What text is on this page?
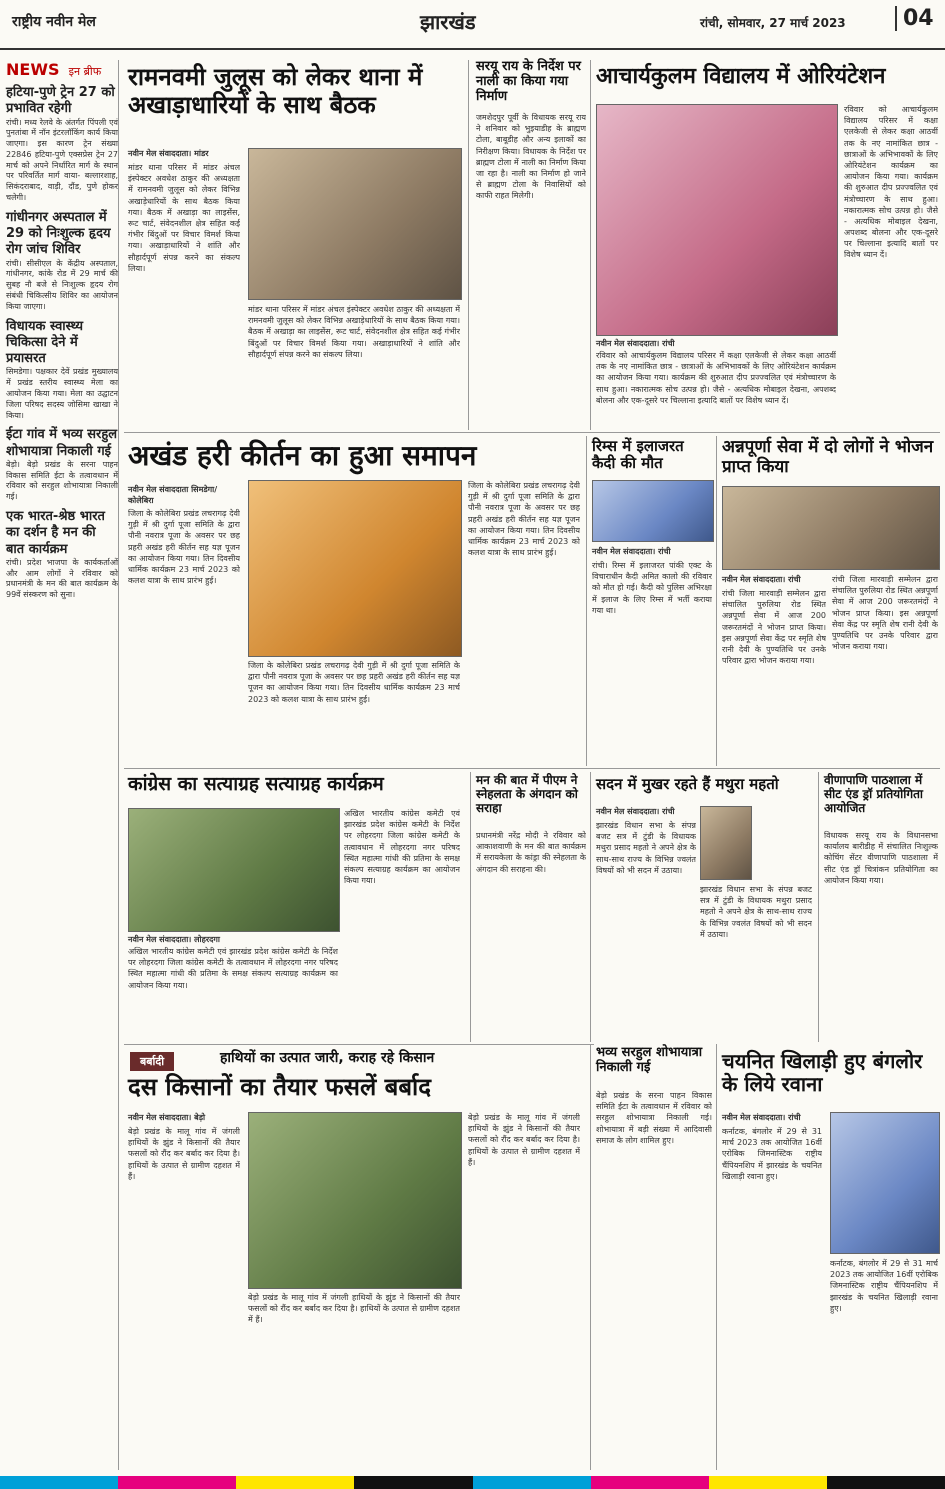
राष्ट्रीय नवीन मेल	झारखंड	रांची, सोमवार, 27 मार्च 2023	04
NEWS इन ब्रीफ
हटिया-पुणे ट्रेन 27 को प्रभावित रहेगी
रांची। मध्य रेलवे के अंतर्गत पिंपली एवं पुनतांबा में नॉन इंटरलॉकिंग कार्य किया जाएगा। इस कारण ट्रेन संख्या 22846 हटिया-पुणे एक्सप्रेस ट्रेन 27 मार्च को अपने निर्धारित मार्ग के स्थान पर परिवर्तित मार्ग वाया- बल्लारशाह, सिकंदराबाद, वाड़ी, दौंड, पुणे होकर चलेगी।
गांधीनगर अस्पताल में 29 को निःशुल्क हृदय रोग जांच शिविर
रांची। सीसीएल के केंद्रीय अस्पताल, गांधीनगर, कांके रोड में 29 मार्च की सुबह नौ बजे से निःशुल्क हृदय रोग संबंधी चिकित्सीय शिविर का आयोजन किया जाएगा।
विधायक स्वास्थ्य चिकित्सा देने में प्रयासरत
सिमडेगा। पक्षकार देवें प्रखंड मुख्यालय में प्रखंड स्तरीय स्वास्थ्य मेला का आयोजन किया गया। मेला का उद्घाटन जिला परिषद सदस्य जोसिमा खाखा ने किया।
ईटा गांव में भव्य सरहुल शोभायात्रा निकाली गई
बेड़ो। बेड़ो प्रखंड के सरना पाहन विकास समिति ईटा के तत्वावधान में रविवार को सरहुल शोभायात्रा निकाली गई।
एक भारत-श्रेष्ठ भारत का दर्शन है मन की बात कार्यक्रम
रांची। प्रदेश भाजपा के कार्यकर्ताओं और आम लोगों ने रविवार को प्रधानमंत्री के मन की बात कार्यक्रम के 99वें संस्करण को सुना।
रामनवमी जुलूस को लेकर थाना में अखाड़ाधारियों के साथ बैठक
नवीन मेल संवाददाता। मांडर
मांडर थाना परिसर में मांडर अंचल इंस्पेक्टर अवधेश ठाकुर की अध्यक्षता में रामनवमी जुलूस को लेकर विभिन्न अखाड़ेधारियों के साथ बैठक किया गया। बैठक में अखाड़ा का लाइसेंस, रूट चार्ट, संवेदनशील क्षेत्र सहित कई गंभीर बिंदुओं पर विचार विमर्श किया गया। अखाड़ाधारियों ने शांति और सौहार्दपूर्ण संपन्न करने का संकल्प लिया।
मांडर थाना परिसर में मांडर अंचल इंस्पेक्टर अवधेश ठाकुर की अध्यक्षता में रामनवमी जुलूस को लेकर विभिन्न अखाड़ेधारियों के साथ बैठक किया गया। बैठक में अखाड़ा का लाइसेंस, रूट चार्ट, संवेदनशील क्षेत्र सहित कई गंभीर बिंदुओं पर विचार विमर्श किया गया। अखाड़ाधारियों ने शांति और सौहार्दपूर्ण संपन्न करने का संकल्प लिया।
सरयू राय के निर्देश पर नाली का किया गया निर्माण
जमशेदपुर पूर्वी के विधायक सरयू राय ने शनिवार को भुइयाडीह के ब्राह्मण टोला, बाबूडीह और अन्य इलाकों का निरीक्षण किया। विधायक के निर्देश पर ब्राह्मण टोला में नाली का निर्माण किया जा रहा है। नाली का निर्माण हो जाने से ब्राह्मण टोला के निवासियों को काफी राहत मिलेगी।
आचार्यकुलम विद्यालय में ओरियंटेशन
नवीन मेल संवाददाता। रांची
रविवार को आचार्यकुलम विद्यालय परिसर में कक्षा एलकेजी से लेकर कक्षा आठवीं तक के नए नामांकित छात्र - छात्राओं के अभिभावकों के लिए ओरियंटेशन कार्यक्रम का आयोजन किया गया। कार्यक्रम की शुरुआत दीप प्रज्ज्वलित एवं मंत्रोच्चारण के साथ हुआ। नकारात्मक सोच उत्पन्न हो। जैसे - अत्यधिक मोबाइल देखना, अपशब्द बोलना और एक-दूसरे पर चिल्लाना इत्यादि बातों पर विशेष ध्यान दें।
रविवार को आचार्यकुलम विद्यालय परिसर में कक्षा एलकेजी से लेकर कक्षा आठवीं तक के नए नामांकित छात्र - छात्राओं के अभिभावकों के लिए ओरियंटेशन कार्यक्रम का आयोजन किया गया। कार्यक्रम की शुरुआत दीप प्रज्ज्वलित एवं मंत्रोच्चारण के साथ हुआ। नकारात्मक सोच उत्पन्न हो। जैसे - अत्यधिक मोबाइल देखना, अपशब्द बोलना और एक-दूसरे पर चिल्लाना इत्यादि बातों पर विशेष ध्यान दें।
अखंड हरी कीर्तन का हुआ समापन
नवीन मेल संवाददाता सिमडेगा/कोलेबिरा
जिला के कोलेबिरा प्रखंड लचरागढ़ देवी गुड़ी में श्री दुर्गा पूजा समिति के द्वारा पौनी नवरात्र पूजा के अवसर पर छह प्रहरी अखंड हरी कीर्तन सह यज्ञ पूजन का आयोजन किया गया। तिन दिवसीय धार्मिक कार्यक्रम 23 मार्च 2023 को कलश यात्रा के साथ प्रारंभ हुई।
जिला के कोलेबिरा प्रखंड लचरागढ़ देवी गुड़ी में श्री दुर्गा पूजा समिति के द्वारा पौनी नवरात्र पूजा के अवसर पर छह प्रहरी अखंड हरी कीर्तन सह यज्ञ पूजन का आयोजन किया गया। तिन दिवसीय धार्मिक कार्यक्रम 23 मार्च 2023 को कलश यात्रा के साथ प्रारंभ हुई।
जिला के कोलेबिरा प्रखंड लचरागढ़ देवी गुड़ी में श्री दुर्गा पूजा समिति के द्वारा पौनी नवरात्र पूजा के अवसर पर छह प्रहरी अखंड हरी कीर्तन सह यज्ञ पूजन का आयोजन किया गया। तिन दिवसीय धार्मिक कार्यक्रम 23 मार्च 2023 को कलश यात्रा के साथ प्रारंभ हुई।
रिम्स में इलाजरत कैदी की मौत
नवीन मेल संवाददाता। रांची
रांची। रिम्स में इलाजरत पांकी एक्ट के विचाराधीन कैदी अमित कालो की रविवार को मौत हो गई। कैदी को पुलिस अभिरक्षा में इलाज के लिए रिम्स में भर्ती कराया गया था।
अन्नपूर्णा सेवा में दो लोगों ने भोजन प्राप्त किया
नवीन मेल संवाददाता। रांची
रांची जिला मारवाड़ी सम्मेलन द्वारा संचालित पुरुलिया रोड स्थित अन्नपूर्णा सेवा में आज 200 जरूरतमंदों ने भोजन प्राप्त किया। इस अन्नपूर्णा सेवा केंद्र पर स्मृति शेष रानी देवी के पुण्यतिथि पर उनके परिवार द्वारा भोजन कराया गया।
रांची जिला मारवाड़ी सम्मेलन द्वारा संचालित पुरुलिया रोड स्थित अन्नपूर्णा सेवा में आज 200 जरूरतमंदों ने भोजन प्राप्त किया। इस अन्नपूर्णा सेवा केंद्र पर स्मृति शेष रानी देवी के पुण्यतिथि पर उनके परिवार द्वारा भोजन कराया गया।
कांग्रेस का सत्याग्रह सत्याग्रह कार्यक्रम
नवीन मेल संवाददाता। लोहरदगा
अखिल भारतीय कांग्रेस कमेटी एवं झारखंड प्रदेश कांग्रेस कमेटी के निर्देश पर लोहरदगा जिला कांग्रेस कमेटी के तत्वावधान में लोहरदगा नगर परिषद स्थित महात्मा गांधी की प्रतिमा के समक्ष संकल्प सत्याग्रह कार्यक्रम का आयोजन किया गया।
अखिल भारतीय कांग्रेस कमेटी एवं झारखंड प्रदेश कांग्रेस कमेटी के निर्देश पर लोहरदगा जिला कांग्रेस कमेटी के तत्वावधान में लोहरदगा नगर परिषद स्थित महात्मा गांधी की प्रतिमा के समक्ष संकल्प सत्याग्रह कार्यक्रम का आयोजन किया गया।
मन की बात में पीएम ने स्नेहलता के अंगदान को सराहा
प्रधानमंत्री नरेंद्र मोदी ने रविवार को आकाशवाणी के मन की बात कार्यक्रम में सरायकेला के कांड्रा की स्नेहलता के अंगदान की सराहना की।
सदन में मुखर रहते हैं मथुरा महतो
नवीन मेल संवाददाता। रांची
झारखंड विधान सभा के संपन्न बजट सत्र में टुंडी के विधायक मथुरा प्रसाद महतो ने अपने क्षेत्र के साथ-साथ राज्य के विभिन्न ज्वलंत विषयों को भी सदन में उठाया।
झारखंड विधान सभा के संपन्न बजट सत्र में टुंडी के विधायक मथुरा प्रसाद महतो ने अपने क्षेत्र के साथ-साथ राज्य के विभिन्न ज्वलंत विषयों को भी सदन में उठाया।
वीणापाणि पाठशाला में सीट एंड ड्रॉ प्रतियोगिता आयोजित
विधायक सरयू राय के विधानसभा कार्यालय बारीडीह में संचालित निःशुल्क कोचिंग सेंटर वीणापाणि पाठशाला में सीट एंड ड्रॉ चित्रांकन प्रतियोगिता का आयोजन किया गया।
बर्बादी	हाथियों का उत्पात जारी, कराह रहे किसान
दस किसानों का तैयार फसलें बर्बाद
नवीन मेल संवाददाता। बेड़ो
बेड़ो प्रखंड के मालू गांव में जंगली हाथियों के झुंड ने किसानों की तैयार फसलों को रौंद कर बर्बाद कर दिया है। हाथियों के उत्पात से ग्रामीण दहशत में हैं।
बेड़ो प्रखंड के मालू गांव में जंगली हाथियों के झुंड ने किसानों की तैयार फसलों को रौंद कर बर्बाद कर दिया है। हाथियों के उत्पात से ग्रामीण दहशत में हैं।
बेड़ो प्रखंड के मालू गांव में जंगली हाथियों के झुंड ने किसानों की तैयार फसलों को रौंद कर बर्बाद कर दिया है। हाथियों के उत्पात से ग्रामीण दहशत में हैं।
भव्य सरहुल शोभायात्रा निकाली गई
बेड़ो प्रखंड के सरना पाहन विकास समिति ईटा के तत्वावधान में रविवार को सरहुल शोभायात्रा निकाली गई। शोभायात्रा में बड़ी संख्या में आदिवासी समाज के लोग शामिल हुए।
चयनित खिलाड़ी हुए बंगलोर के लिये रवाना
नवीन मेल संवाददाता। रांची
कर्नाटक, बंगलोर में 29 से 31 मार्च 2023 तक आयोजित 16वीं एरोबिक जिमनास्टिक राष्ट्रीय चैंपियनशिप में झारखंड के चयनित खिलाड़ी रवाना हुए।
कर्नाटक, बंगलोर में 29 से 31 मार्च 2023 तक आयोजित 16वीं एरोबिक जिमनास्टिक राष्ट्रीय चैंपियनशिप में झारखंड के चयनित खिलाड़ी रवाना हुए।
